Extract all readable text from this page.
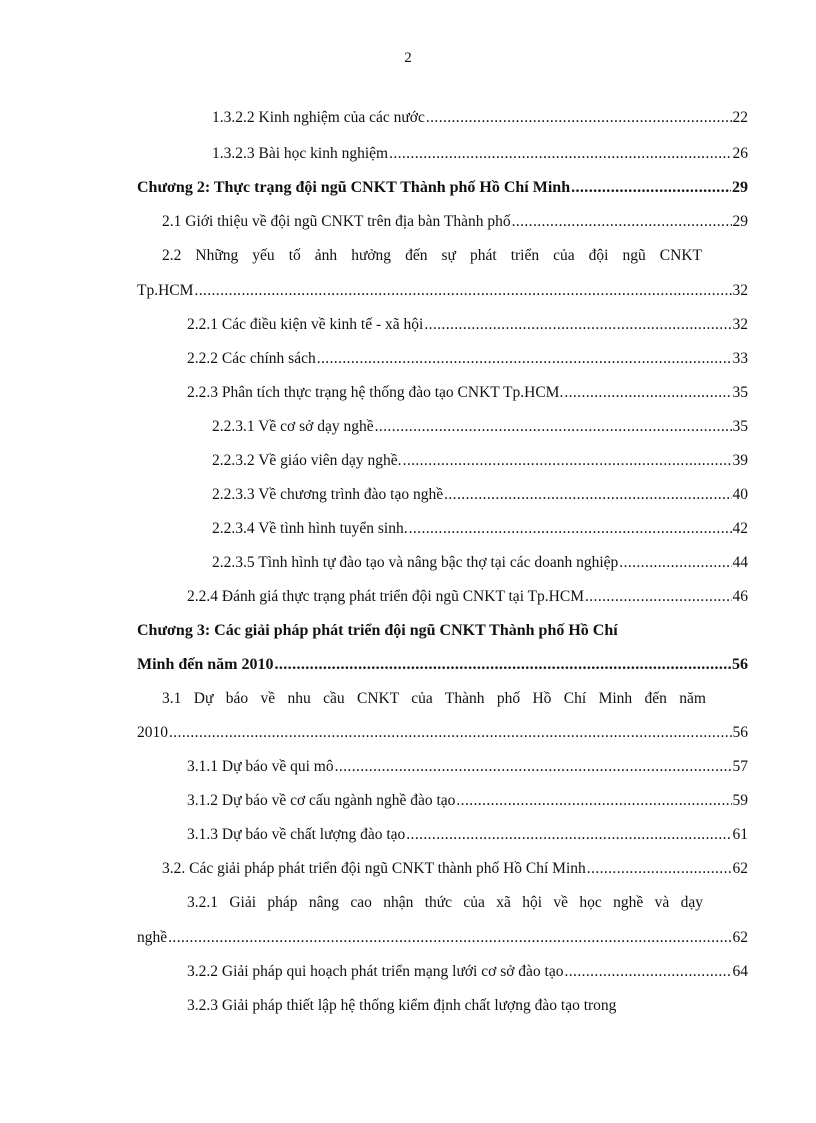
2
1.3.2.2 Kinh nghiệm của các nước .....	22
1.3.2.3 Bài học kinh nghiệm .....	26
Chương 2: Thực trạng đội ngũ CNKT Thành phố Hồ Chí Minh .....	29
2.1 Giới thiệu về đội ngũ CNKT trên địa bàn Thành phố .....	29
2.2 Những yếu tố ảnh hưởng đến sự phát triển của đội ngũ CNKT
Tp.HCM .....	32
2.2.1 Các điều kiện về kinh tế - xã hội .....	32
2.2.2 Các chính sách .....	33
2.2.3 Phân tích thực trạng hệ thống đào tạo CNKT Tp.HCM. .....	35
2.2.3.1 Về cơ sở dạy nghề .....	35
2.2.3.2 Về giáo viên dạy nghề. .....	39
2.2.3.3 Về chương trình đào tạo nghề .....	40
2.2.3.4 Về tình hình tuyển sinh. .....	42
2.2.3.5 Tình hình tự đào tạo và nâng bậc thợ tại các doanh nghiệp .....	44
2.2.4 Đánh giá thực trạng phát triển đội ngũ CNKT tại Tp.HCM .....	46
Chương 3: Các giải pháp phát triển đội ngũ CNKT Thành phố Hồ Chí
Minh đến năm 2010 .....	56
3.1 Dự báo về nhu cầu CNKT của Thành phố Hồ Chí Minh đến năm
2010 .....	56
3.1.1 Dự báo về qui mô .....	57
3.1.2 Dự báo về cơ cấu ngành nghề đào tạo .....	59
3.1.3 Dự báo về chất lượng đào tạo .....	61
3.2. Các giải pháp phát triển đội ngũ CNKT thành phố Hồ Chí Minh .....	62
3.2.1 Giải pháp nâng cao nhận thức của xã hội về học nghề và dạy
nghề .....	62
3.2.2 Giải pháp qui hoạch phát triển mạng lưới cơ sở đào tạo .....	64
3.2.3 Giải pháp thiết lập hệ thống kiểm định chất lượng đào tạo trong
